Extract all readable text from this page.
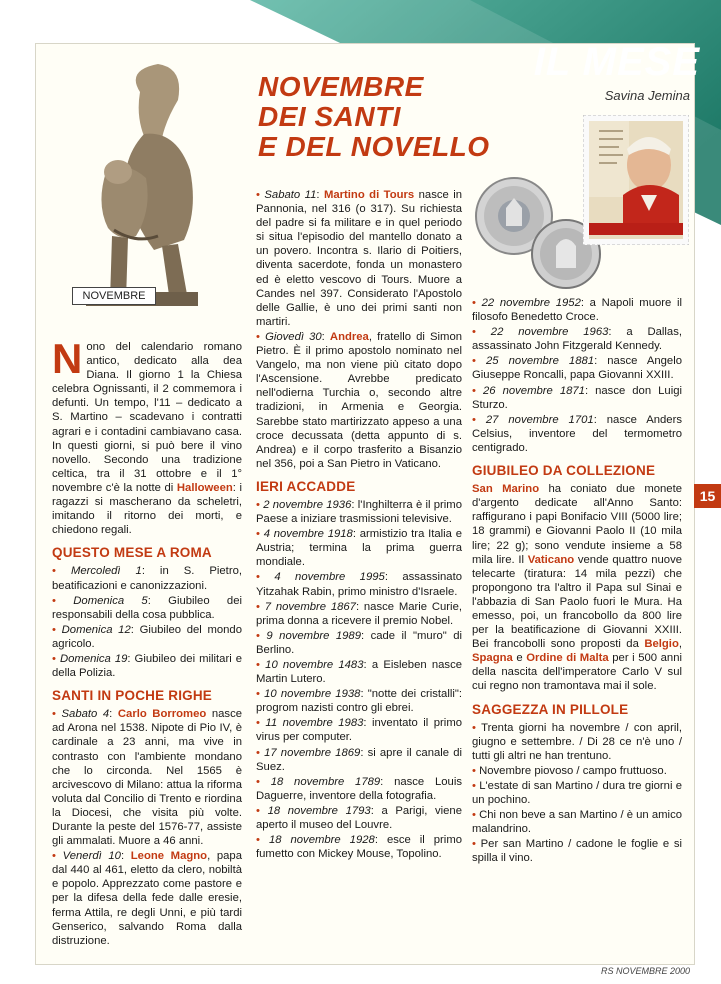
IL MESE
Savina Jemina
NOVEMBRE
DEI SANTI
E DEL NOVELLO
NOVEMBRE

Nono del calendario romano antico, dedicato alla dea Diana. Il giorno 1 la Chiesa celebra Ognissanti, il 2 commemora i defunti. Un tempo, l'11 – dedicato a S. Martino – scadevano i contratti agrari e i contadini cambiavano casa. In questi giorni, si può bere il vino novello. Secondo una tradizione celtica, tra il 31 ottobre e il 1° novembre c'è la notte di Halloween: i ragazzi si mascherano da scheletri, imitando il ritorno dei morti, e chiedono regali.

QUESTO MESE A ROMA

• Mercoledì 1: in S. Pietro, beatificazioni e canonizzazioni.

• Domenica 5: Giubileo dei responsabili della cosa pubblica.

• Domenica 12: Giubileo del mondo agricolo.

• Domenica 19: Giubileo dei militari e della Polizia.

SANTI IN POCHE RIGHE

• Sabato 4: Carlo Borromeo nasce ad Arona nel 1538. Nipote di Pio IV, è cardinale a 23 anni, ma vive in contrasto con l'ambiente mondano che lo circonda. Nel 1565 è arcivescovo di Milano: attua la riforma voluta dal Concilio di Trento e riordina la Diocesi, che visita più volte. Durante la peste del 1576-77, assiste gli ammalati. Muore a 46 anni.

• Venerdì 10: Leone Magno, papa dal 440 al 461, eletto da clero, nobiltà e popolo. Apprezzato come pastore e per la difesa della fede dalle eresie, ferma Attila, re degli Unni, e più tardi Genserico, salvando Roma dalla distruzione.

• Sabato 11: Martino di Tours nasce in Pannonia, nel 316 (o 317). Su richiesta del padre si fa militare e in quel periodo si situa l'episodio del mantello donato a un povero. Incontra s. Ilario di Poitiers, diventa sacerdote, fonda un monastero ed è eletto vescovo di Tours. Muore a Candes nel 397. Considerato l'Apostolo delle Gallie, è uno dei primi santi non martiri.

• Giovedì 30: Andrea, fratello di Simon Pietro. È il primo apostolo nominato nel Vangelo, ma non viene più citato dopo l'Ascensione. Avrebbe predicato nell'odierna Turchia o, secondo altre tradizioni, in Armenia e Georgia. Sarebbe stato martirizzato appeso a una croce decussata (detta appunto di s. Andrea) e il corpo trasferito a Bisanzio nel 356, poi a San Pietro in Vaticano.

IERI ACCADDE

• 2 novembre 1936: l'Inghilterra è il primo Paese a iniziare trasmissioni televisive.

• 4 novembre 1918: armistizio tra Italia e Austria; termina la prima guerra mondiale.

• 4 novembre 1995: assassinato Yitzahak Rabin, primo ministro d'Israele.

• 7 novembre 1867: nasce Marie Curie, prima donna a ricevere il premio Nobel.

• 9 novembre 1989: cade il "muro" di Berlino.

• 10 novembre 1483: a Eisleben nasce Martin Lutero.

• 10 novembre 1938: "notte dei cristalli": progrom nazisti contro gli ebrei.

• 11 novembre 1983: inventato il primo virus per computer.

• 17 novembre 1869: si apre il canale di Suez.

• 18 novembre 1789: nasce Louis Daguerre, inventore della fotografia.

• 18 novembre 1793: a Parigi, viene aperto il museo del Louvre.

• 18 novembre 1928: esce il primo fumetto con Mickey Mouse, Topolino.

• 22 novembre 1952: a Napoli muore il filosofo Benedetto Croce.

• 22 novembre 1963: a Dallas, assassinato John Fitzgerald Kennedy.

• 25 novembre 1881: nasce Angelo Giuseppe Roncalli, papa Giovanni XXIII.

• 26 novembre 1871: nasce don Luigi Sturzo.

• 27 novembre 1701: nasce Anders Celsius, inventore del termometro centigrado.

GIUBILEO DA COLLEZIONE

San Marino ha coniato due monete d'argento dedicate all'Anno Santo: raffigurano i papi Bonifacio VIII (5000 lire; 18 grammi) e Giovanni Paolo II (10 mila lire; 22 g); sono vendute insieme a 58 mila lire. Il Vaticano vende quattro nuove telecarte (tiratura: 14 mila pezzi) che propongono tra l'altro il Papa sul Sinai e l'abbazia di San Paolo fuori le Mura. Ha emesso, poi, un francobollo da 800 lire per la beatificazione di Giovanni XXIII. Bei francobolli sono proposti da Belgio, Spagna e Ordine di Malta per i 500 anni della nascita dell'imperatore Carlo V sul cui regno non tramontava mai il sole.

SAGGEZZA IN PILLOLE

• Trenta giorni ha novembre / con april, giugno e settembre. / Di 28 ce n'è uno / tutti gli altri ne han trentuno.

• Novembre piovoso / campo fruttuoso.

• L'estate di san Martino / dura tre giorni e un pochino.

• Chi non beve a san Martino / è un amico malandrino.

• Per san Martino / cadone le foglie e si spilla il vino.

15
RS NOVEMBRE 2000
